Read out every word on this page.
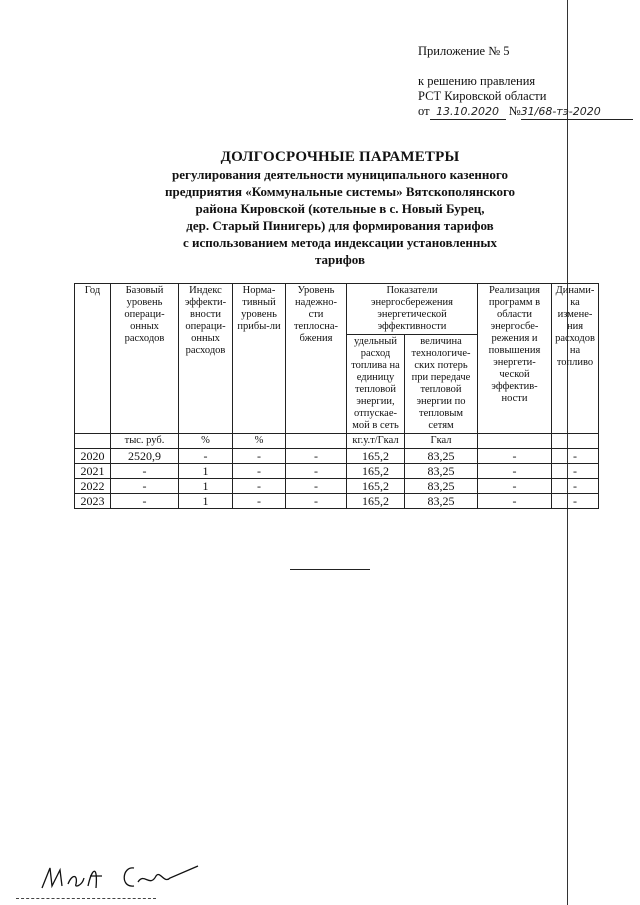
Приложение № 5
к решению правления
РСТ Кировской области
от 13.10.2020 №31/68-тэ-2020
ДОЛГОСРОЧНЫЕ ПАРАМЕТРЫ
регулирования деятельности муниципального казенного
предприятия «Коммунальные системы» Вятскополянского
района Кировской (котельные в с. Новый Бурец,
дер. Старый Пинигерь) для формирования тарифов
с использованием метода индексации установленных
тарифов
Год	Базовый уровень операци-онных расходов	Индекс эффекти-вности операци-онных расходов	Норма-тивный уровень прибы-ли	Уровень надежно-сти теплосна-бжения	Показатели энергосбережения энергетической эффективности		Реализация программ в области энергосбе-режения и повышения энергети-ческой эффектив-ности	Динами-ка измене-ния расходов на топливо
					удельный расход топлива на единицу тепловой энергии, отпускае-мой в сеть	величина технологиче-ских потерь при передаче тепловой энергии по тепловым сетям		
	тыс. руб.	%	%		кг.у.т/Гкал	Гкал		
2020	2520,9	-	-	-	165,2	83,25	-	-
2021	-	1	-	-	165,2	83,25	-	-
2022	-	1	-	-	165,2	83,25	-	-
2023	-	1	-	-	165,2	83,25	-	-
